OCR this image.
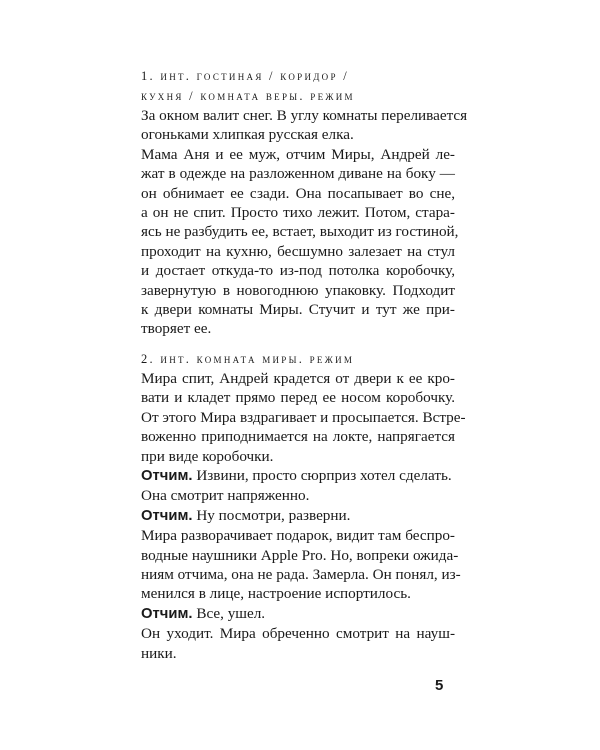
1. инт. гостиная / коридор /
кухня / комната веры. режим
За окном валит снег. В углу комнаты переливается
огоньками хлипкая русская елка.
Мама Аня и ее муж, отчим Миры, Андрей ле-
жат в одежде на разложенном диване на боку —
он обнимает ее сзади. Она посапывает во сне,
а он не спит. Просто тихо лежит. Потом, стара-
ясь не разбудить ее, встает, выходит из гостиной,
проходит на кухню, бесшумно залезает на стул
и достает откуда-то из-под потолка коробочку,
завернутую в новогоднюю упаковку. Подходит
к двери комнаты Миры. Стучит и тут же при-
творяет ее.
2. инт. комната миры. режим
Мира спит, Андрей крадется от двери к ее кро-
вати и кладет прямо перед ее носом коробочку.
От этого Мира вздрагивает и просыпается. Встре-
воженно приподнимается на локте, напрягается
при виде коробочки.
Отчим. Извини, просто сюрприз хотел сделать.
Она смотрит напряженно.
Отчим. Ну посмотри, разверни.
Мира разворачивает подарок, видит там беспро-
водные наушники Apple Pro. Но, вопреки ожида-
ниям отчима, она не рада. Замерла. Он понял, из-
менился в лице, настроение испортилось.
Отчим. Все, ушел.
Он уходит. Мира обреченно смотрит на науш-
ники.
5
